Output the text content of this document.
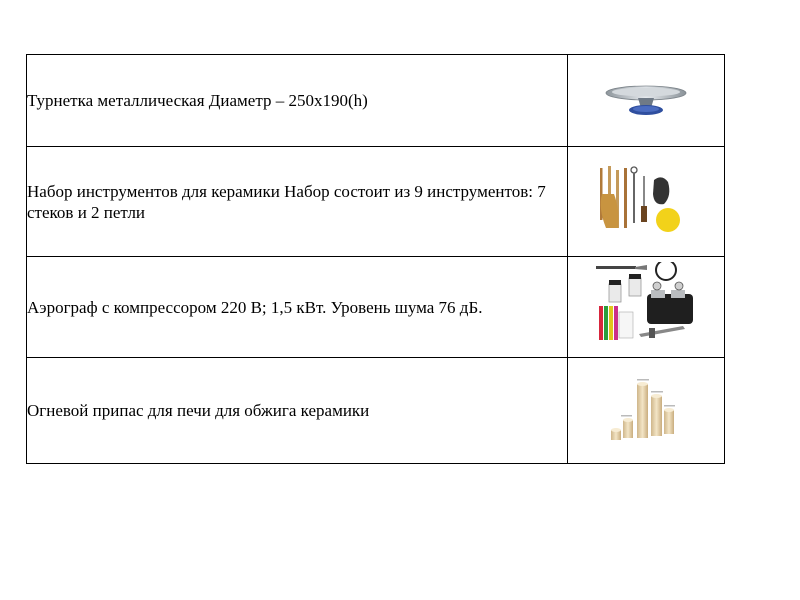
Турнетка металлическая Диаметр – 250х190(h)	

Набор инструментов для керамики Набор состоит из 9 инструментов: 7 стеков и 2 петли	

Аэрограф с компрессором 220 В; 1,5 кВт. Уровень шума 76 дБ.	

Огневой припас для печи для обжига керамики	
